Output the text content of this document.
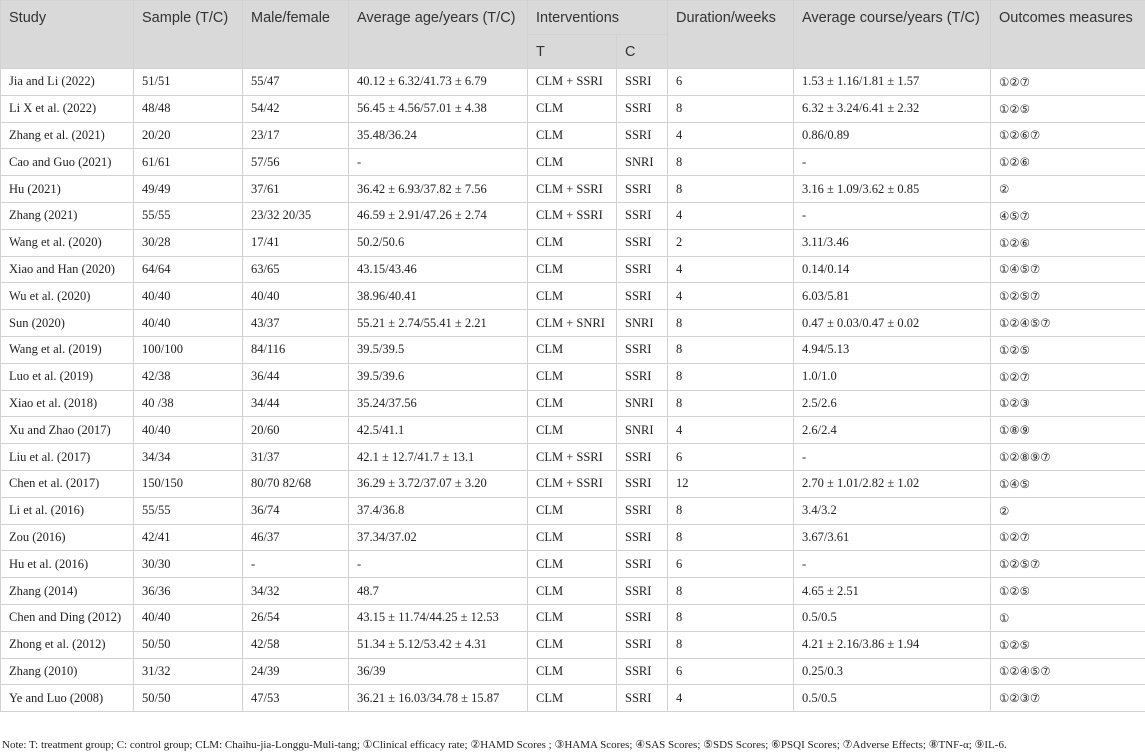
Study	Sample (T/C)	Male/female	Average age/years (T/C)	Interventions		Duration/weeks	Average course/years (T/C)	Outcomes measures
				T	C			
Jia and Li (2022)	51/51	55/47	40.12 ± 6.32/41.73 ± 6.79	CLM + SSRI	SSRI	6	1.53 ± 1.16/1.81 ± 1.57	①②⑦
Li X et al. (2022)	48/48	54/42	56.45 ± 4.56/57.01 ± 4.38	CLM	SSRI	8	6.32 ± 3.24/6.41 ± 2.32	①②⑤
Zhang et al. (2021)	20/20	23/17	35.48/36.24	CLM	SSRI	4	0.86/0.89	①②⑥⑦
Cao and Guo (2021)	61/61	57/56	-	CLM	SNRI	8	-	①②⑥
Hu (2021)	49/49	37/61	36.42 ± 6.93/37.82 ± 7.56	CLM + SSRI	SSRI	8	3.16 ± 1.09/3.62 ± 0.85	②
Zhang (2021)	55/55	23/32 20/35	46.59 ± 2.91/47.26 ± 2.74	CLM + SSRI	SSRI	4	-	④⑤⑦
Wang et al. (2020)	30/28	17/41	50.2/50.6	CLM	SSRI	2	3.11/3.46	①②⑥
Xiao and Han (2020)	64/64	63/65	43.15/43.46	CLM	SSRI	4	0.14/0.14	①④⑤⑦
Wu et al. (2020)	40/40	40/40	38.96/40.41	CLM	SSRI	4	6.03/5.81	①②⑤⑦
Sun (2020)	40/40	43/37	55.21 ± 2.74/55.41 ± 2.21	CLM + SNRI	SNRI	8	0.47 ± 0.03/0.47 ± 0.02	①②④⑤⑦
Wang et al. (2019)	100/100	84/116	39.5/39.5	CLM	SSRI	8	4.94/5.13	①②⑤
Luo et al. (2019)	42/38	36/44	39.5/39.6	CLM	SSRI	8	1.0/1.0	①②⑦
Xiao et al. (2018)	40 /38	34/44	35.24/37.56	CLM	SNRI	8	2.5/2.6	①②③
Xu and Zhao (2017)	40/40	20/60	42.5/41.1	CLM	SNRI	4	2.6/2.4	①⑧⑨
Liu et al. (2017)	34/34	31/37	42.1 ± 12.7/41.7 ± 13.1	CLM + SSRI	SSRI	6	-	①②⑧⑨⑦
Chen et al. (2017)	150/150	80/70 82/68	36.29 ± 3.72/37.07 ± 3.20	CLM + SSRI	SSRI	12	2.70 ± 1.01/2.82 ± 1.02	①④⑤
Li et al. (2016)	55/55	36/74	37.4/36.8	CLM	SSRI	8	3.4/3.2	②
Zou (2016)	42/41	46/37	37.34/37.02	CLM	SSRI	8	3.67/3.61	①②⑦
Hu et al. (2016)	30/30	-	-	CLM	SSRI	6	-	①②⑤⑦
Zhang (2014)	36/36	34/32	48.7	CLM	SSRI	8	4.65 ± 2.51	①②⑤
Chen and Ding (2012)	40/40	26/54	43.15 ± 11.74/44.25 ± 12.53	CLM	SSRI	8	0.5/0.5	①
Zhong et al. (2012)	50/50	42/58	51.34 ± 5.12/53.42 ± 4.31	CLM	SSRI	8	4.21 ± 2.16/3.86 ± 1.94	①②⑤
Zhang (2010)	31/32	24/39	36/39	CLM	SSRI	6	0.25/0.3	①②④⑤⑦
Ye and Luo (2008)	50/50	47/53	36.21 ± 16.03/34.78 ± 15.87	CLM	SSRI	4	0.5/0.5	①②③⑦
Note: T: treatment group; C: control group; CLM: Chaihu-jia-Longgu-Muli-tang; ①Clinical efficacy rate; ②HAMD Scores ; ③HAMA Scores; ④SAS Scores; ⑤SDS Scores; ⑥PSQI Scores; ⑦Adverse Effects; ⑧TNF-α; ⑨IL-6.
